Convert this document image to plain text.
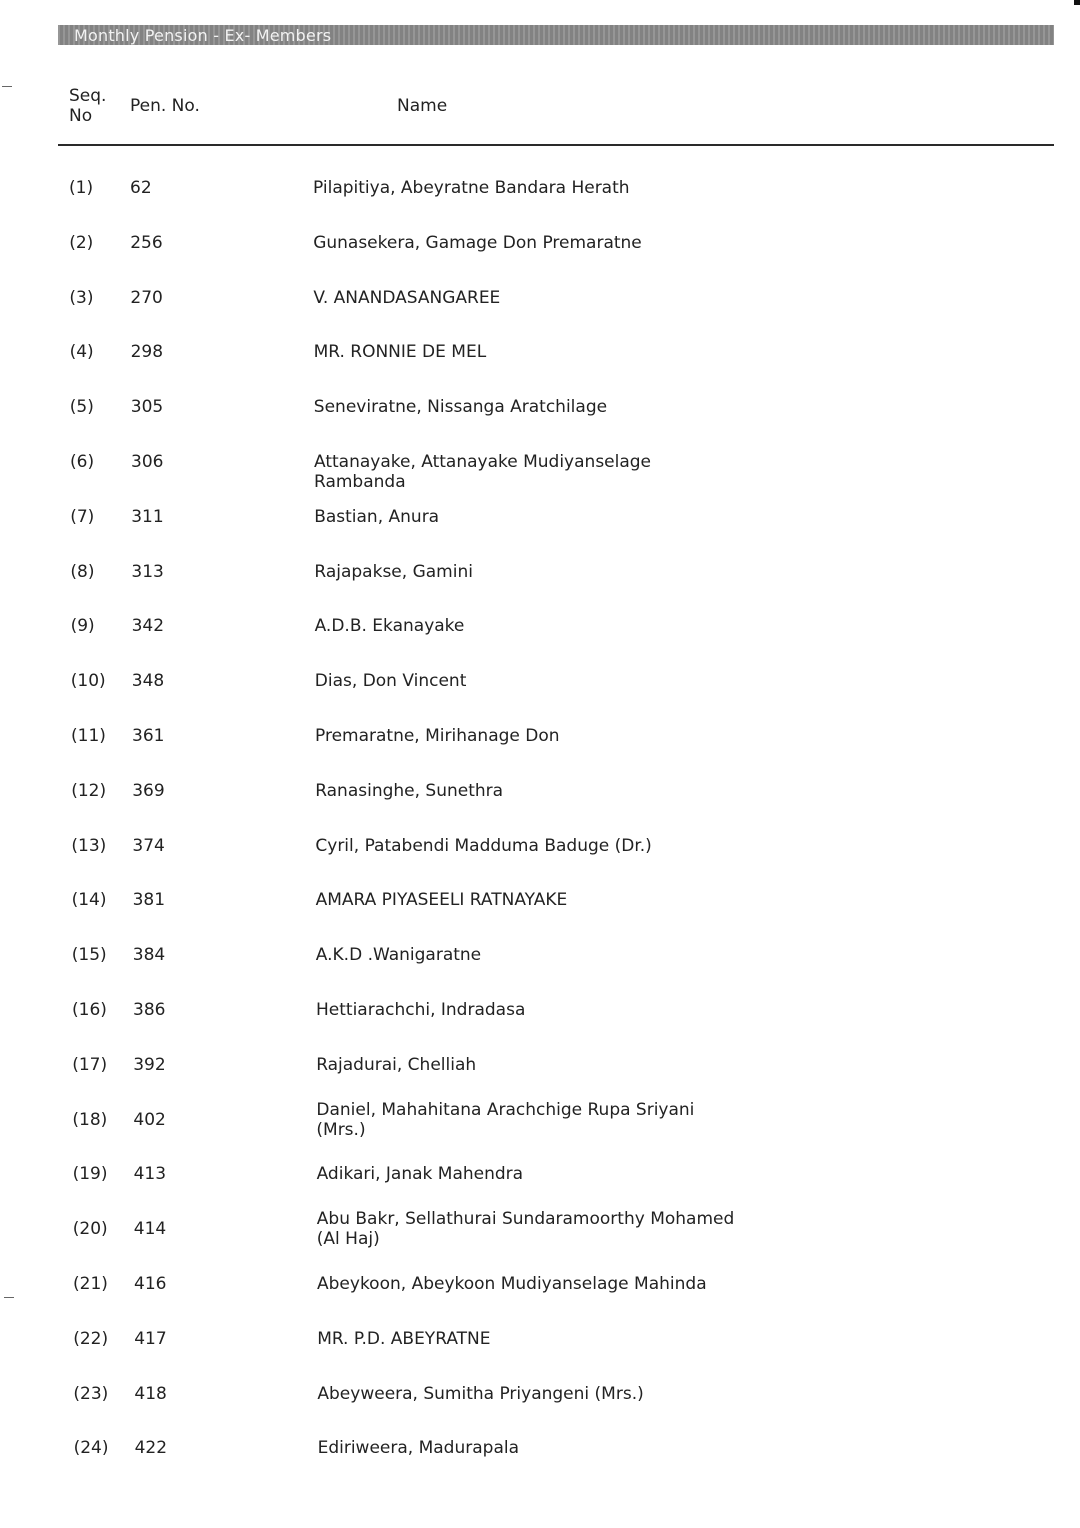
Monthly Pension - Ex- Members
Seq. No	Pen. No.	Name
(1) 62	Pilapitiya, Abeyratne Bandara Herath
(2) 256	Gunasekera, Gamage Don Premaratne
(3) 270	V. ANANDASANGAREE
(4) 298	MR. RONNIE DE MEL
(5) 305	Seneviratne, Nissanga Aratchilage
(6) 306	Attanayake, Attanayake Mudiyanselage Rambanda
(7) 311	Bastian, Anura
(8) 313	Rajapakse, Gamini
(9) 342	A.D.B. Ekanayake
(10) 348	Dias, Don Vincent
(11) 361	Premaratne, Mirihanage Don
(12) 369	Ranasinghe, Sunethra
(13) 374	Cyril, Patabendi Madduma Baduge (Dr.)
(14) 381	AMARA PIYASEELI RATNAYAKE
(15) 384	A.K.D .Wanigaratne
(16) 386	Hettiarachchi, Indradasa
(17) 392	Rajadurai, Chelliah
(18) 402	Daniel, Mahahitana Arachchige Rupa Sriyani (Mrs.)
(19) 413	Adikari, Janak Mahendra
(20) 414	Abu Bakr, Sellathurai Sundaramoorthy Mohamed (Al Haj)
(21) 416	Abeykoon, Abeykoon Mudiyanselage Mahinda
(22) 417	MR. P.D. ABEYRATNE
(23) 418	Abeyweera, Sumitha Priyangeni (Mrs.)
(24) 422	Ediriweera, Madurapala
